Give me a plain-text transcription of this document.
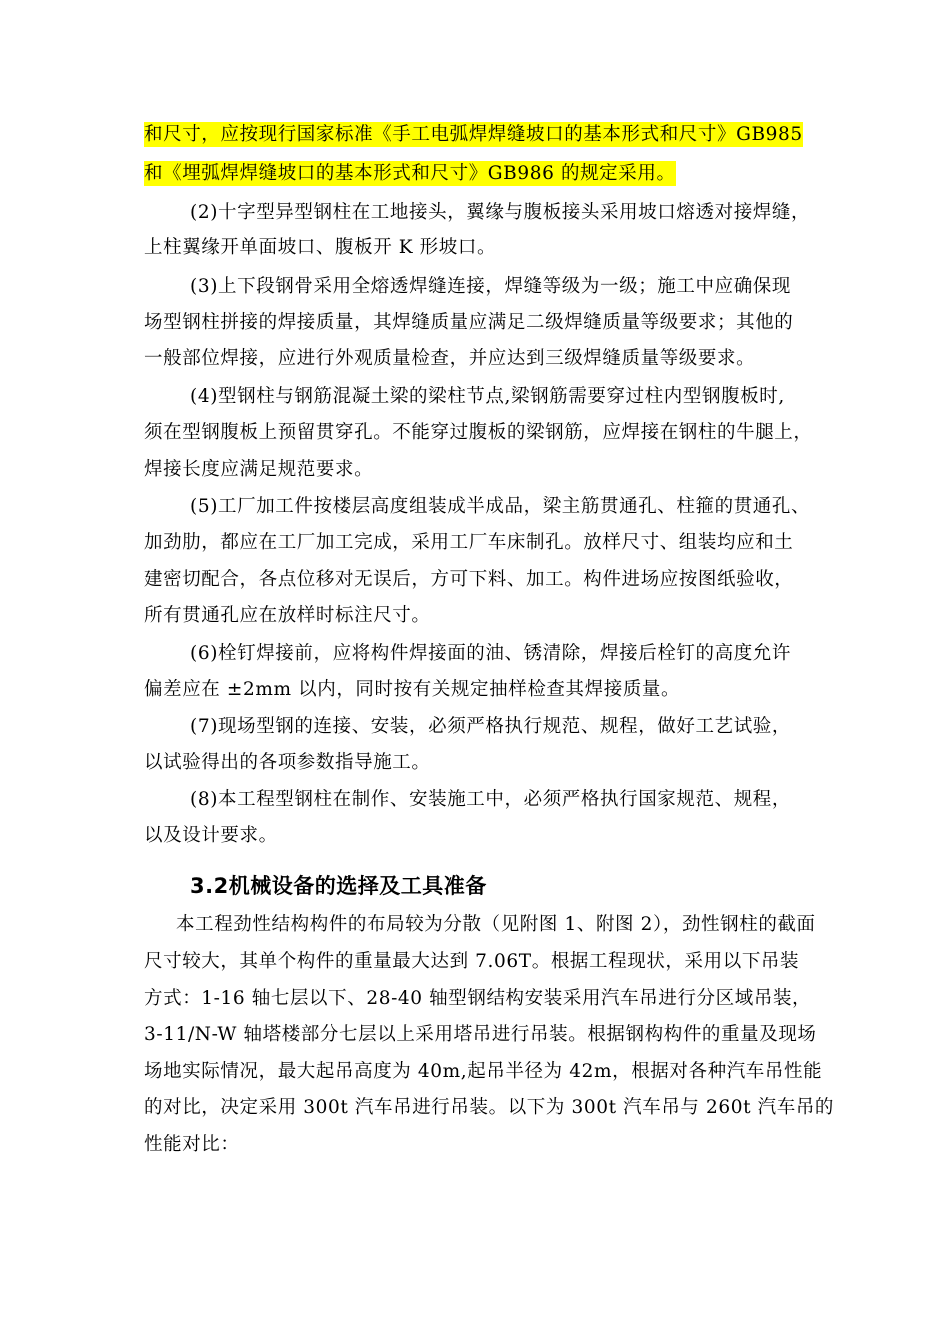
和尺寸，应按现行国家标准《手工电弧焊焊缝坡口的基本形式和尺寸》GB985
和《埋弧焊焊缝坡口的基本形式和尺寸》GB986 的规定采用。
(2)十字型异型钢柱在工地接头，翼缘与腹板接头采用坡口熔透对接焊缝，
上柱翼缘开单面坡口、腹板开 K 形坡口。
(3)上下段钢骨采用全熔透焊缝连接，焊缝等级为一级；施工中应确保现
场型钢柱拼接的焊接质量，其焊缝质量应满足二级焊缝质量等级要求；其他的
一般部位焊接，应进行外观质量检查，并应达到三级焊缝质量等级要求。
(4)型钢柱与钢筋混凝土梁的梁柱节点,梁钢筋需要穿过柱内型钢腹板时,
须在型钢腹板上预留贯穿孔。不能穿过腹板的梁钢筋，应焊接在钢柱的牛腿上，
焊接长度应满足规范要求。
(5)工厂加工件按楼层高度组装成半成品，梁主筋贯通孔、柱箍的贯通孔、
加劲肋，都应在工厂加工完成，采用工厂车床制孔。放样尺寸、组装均应和土
建密切配合，各点位移对无误后，方可下料、加工。构件进场应按图纸验收，
所有贯通孔应在放样时标注尺寸。
(6)栓钉焊接前，应将构件焊接面的油、锈清除，焊接后栓钉的高度允许
偏差应在 ±2mm 以内，同时按有关规定抽样检查其焊接质量。
(7)现场型钢的连接、安装，必须严格执行规范、规程，做好工艺试验，
以试验得出的各项参数指导施工。
(8)本工程型钢柱在制作、安装施工中，必须严格执行国家规范、规程，
以及设计要求。
3.2机械设备的选择及工具准备
本工程劲性结构构件的布局较为分散（见附图 1、附图 2），劲性钢柱的截面
尺寸较大，其单个构件的重量最大达到 7.06T。根据工程现状，采用以下吊装
方式：1-16 轴七层以下、28-40 轴型钢结构安装采用汽车吊进行分区域吊装，
3-11/N-W 轴塔楼部分七层以上采用塔吊进行吊装。根据钢构构件的重量及现场
场地实际情况，最大起吊高度为 40m,起吊半径为 42m，根据对各种汽车吊性能
的对比，决定采用 300t 汽车吊进行吊装。以下为 300t 汽车吊与 260t 汽车吊的
性能对比：
